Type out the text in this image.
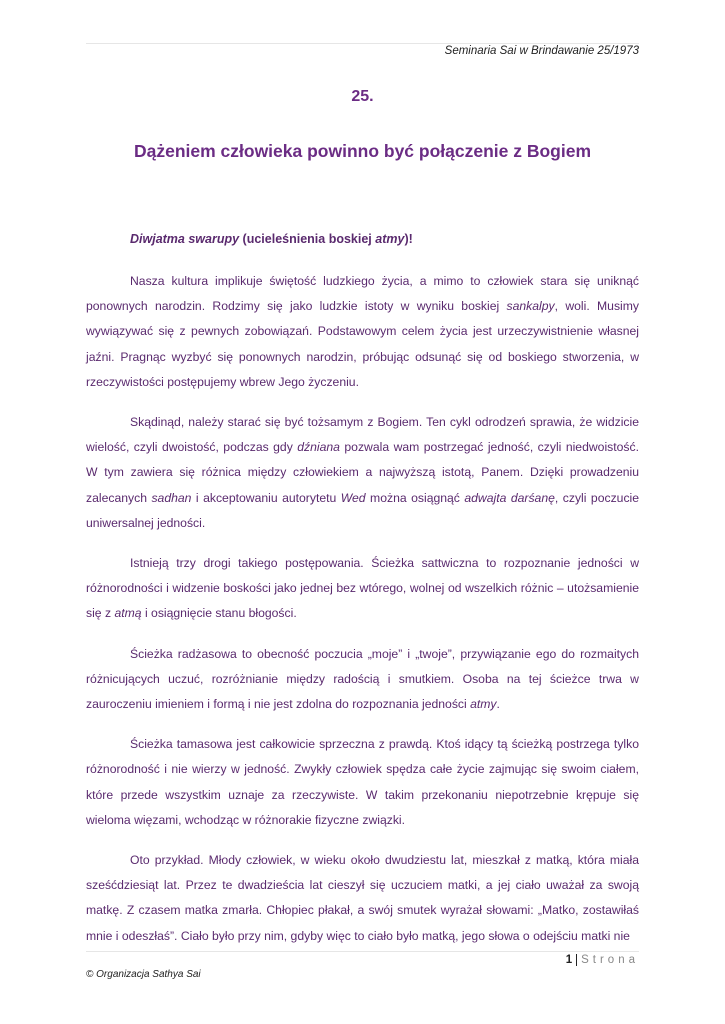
Seminaria Sai w Brindawanie 25/1973
25.
Dążeniem człowieka powinno być połączenie z Bogiem
Diwjatma swarupy (ucieleśnienia boskiej atmy)!

Nasza kultura implikuje świętość ludzkiego życia, a mimo to człowiek stara się uniknąć ponownych narodzin. Rodzimy się jako ludzkie istoty w wyniku boskiej sankalpy, woli. Musimy wywiązywać się z pewnych zobowiązań. Podstawowym celem życia jest urzeczywistnienie własnej jaźni. Pragnąc wyzbyć się ponownych narodzin, próbując odsunąć się od boskiego stworzenia, w rzeczywistości postępujemy wbrew Jego życzeniu.

Skądinąd, należy starać się być tożsamym z Bogiem. Ten cykl odrodzeń sprawia, że widzicie wielość, czyli dwoistość, podczas gdy dźniana pozwala wam postrzegać jedność, czyli niedwoistość. W tym zawiera się różnica między człowiekiem a najwyższą istotą, Panem. Dzięki prowadzeniu zalecanych sadhan i akceptowaniu autorytetu Wed można osiągnąć adwajta darśanę, czyli poczucie uniwersalnej jedności.

Istnieją trzy drogi takiego postępowania. Ścieżka sattwiczna to rozpoznanie jedności w różnorodności i widzenie boskości jako jednej bez wtórego, wolnej od wszelkich różnic – utożsamienie się z atmą i osiągnięcie stanu błogości.

Ścieżka radżasowa to obecność poczucia „moje” i „twoje”, przywiązanie ego do rozmaitych różnicujących uczuć, rozróżnianie między radością i smutkiem. Osoba na tej ścieżce trwa w zauroczeniu imieniem i formą i nie jest zdolna do rozpoznania jedności atmy.

Ścieżka tamasowa jest całkowicie sprzeczna z prawdą. Ktoś idący tą ścieżką postrzega tylko różnorodność i nie wierzy w jedność. Zwykły człowiek spędza całe życie zajmując się swoim ciałem, które przede wszystkim uznaje za rzeczywiste. W takim przekonaniu niepotrzebnie krępuje się wieloma więzami, wchodząc w różnorakie fizyczne związki.

Oto przykład. Młody człowiek, w wieku około dwudziestu lat, mieszkał z matką, która miała sześćdziesiąt lat. Przez te dwadzieścia lat cieszył się uczuciem matki, a jej ciało uważał za swoją matkę. Z czasem matka zmarła. Chłopiec płakał, a swój smutek wyrażał słowami: „Matko, zostawiłaś mnie i odeszłaś”. Ciało było przy nim, gdyby więc to ciało było matką, jego słowa o odejściu matki nie

1 Strona
© Organizacja Sathya Sai
